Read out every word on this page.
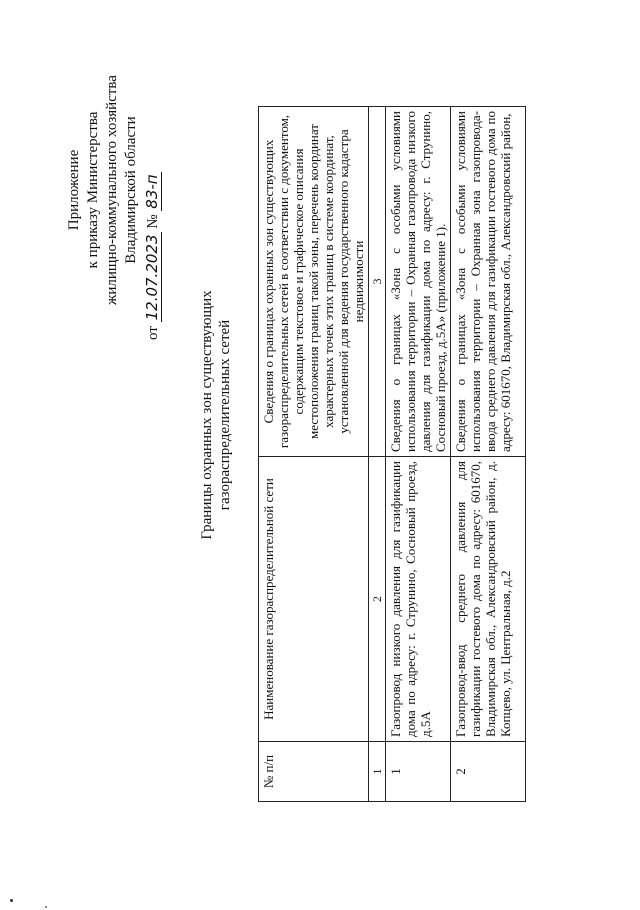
Приложение к приказу Министерства жилищно-коммунального хозяйства Владимирской области
от 12.07.2023 № 83-п
Границы охранных зон существующих газораспределительных сетей
№ п/п	Наименование газораспределительной сети	Сведения о границах охранных зон существующих газораспределительных сетей в соответствии с документом, содержащим текстовое и графическое описания местоположения границ такой зоны, перечень координат характерных точек этих границ в системе координат, установленной для ведения государственного кадастра недвижимости
1	2	3
1	Газопровод низкого давления для газификации дома по адресу: г. Струнино, Сосновый проезд, д.5А	Сведения о границах «Зона с особыми условиями использования территории – Охранная газопровода низкого давления для газификации дома по адресу: г. Струнино, Сосновый проезд, д.5А» (приложение 1).
2	Газопровод-ввод среднего давления для газификации гостевого дома по адресу: 601670, Владимирская обл., Александровский район, д. Копцево, ул. Центральная, д.2	Сведения о границах «Зона с особыми условиями использования территории – Охранная зона газопровода-ввода среднего давления для газификации гостевого дома по адресу: 601670, Владимирская обл., Александровский район,
